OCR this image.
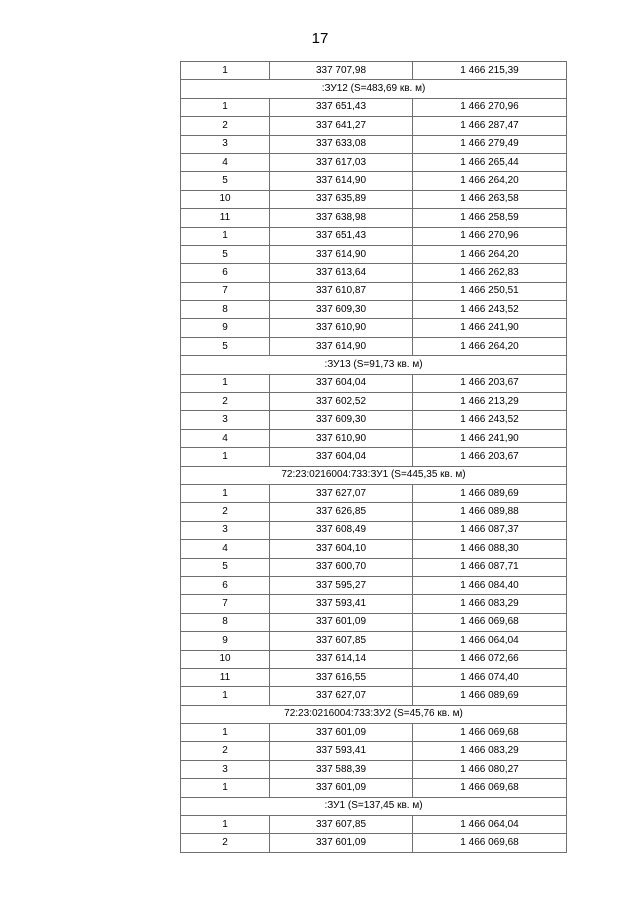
17
1	337 707,98	1 466 215,39
:ЗУ12 (S=483,69 кв. м)		
1	337 651,43	1 466 270,96
2	337 641,27	1 466 287,47
3	337 633,08	1 466 279,49
4	337 617,03	1 466 265,44
5	337 614,90	1 466 264,20
10	337 635,89	1 466 263,58
11	337 638,98	1 466 258,59
1	337 651,43	1 466 270,96
5	337 614,90	1 466 264,20
6	337 613,64	1 466 262,83
7	337 610,87	1 466 250,51
8	337 609,30	1 466 243,52
9	337 610,90	1 466 241,90
5	337 614,90	1 466 264,20
:ЗУ13 (S=91,73 кв. м)		
1	337 604,04	1 466 203,67
2	337 602,52	1 466 213,29
3	337 609,30	1 466 243,52
4	337 610,90	1 466 241,90
1	337 604,04	1 466 203,67
72:23:0216004:733:ЗУ1 (S=445,35 кв. м)		
1	337 627,07	1 466 089,69
2	337 626,85	1 466 089,88
3	337 608,49	1 466 087,37
4	337 604,10	1 466 088,30
5	337 600,70	1 466 087,71
6	337 595,27	1 466 084,40
7	337 593,41	1 466 083,29
8	337 601,09	1 466 069,68
9	337 607,85	1 466 064,04
10	337 614,14	1 466 072,66
11	337 616,55	1 466 074,40
1	337 627,07	1 466 089,69
72:23:0216004:733:ЗУ2 (S=45,76 кв. м)		
1	337 601,09	1 466 069,68
2	337 593,41	1 466 083,29
3	337 588,39	1 466 080,27
1	337 601,09	1 466 069,68
:ЗУ1 (S=137,45 кв. м)		
1	337 607,85	1 466 064,04
2	337 601,09	1 466 069,68
